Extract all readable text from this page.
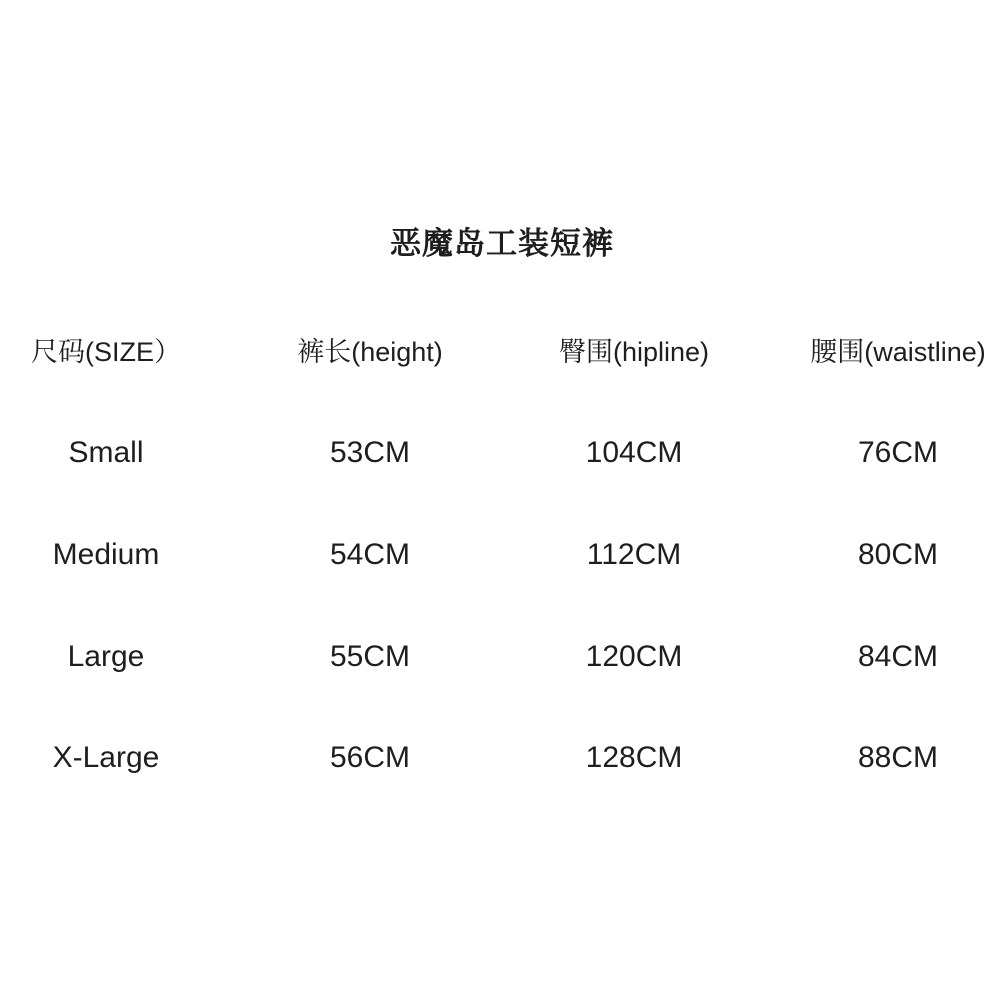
恶魔岛工装短裤
尺码(SIZE）	裤长(height)	臀围(hipline)	腰围(waistline)
Small	53CM	104CM	76CM
Medium	54CM	112CM	80CM
Large	55CM	120CM	84CM
X-Large	56CM	128CM	88CM
